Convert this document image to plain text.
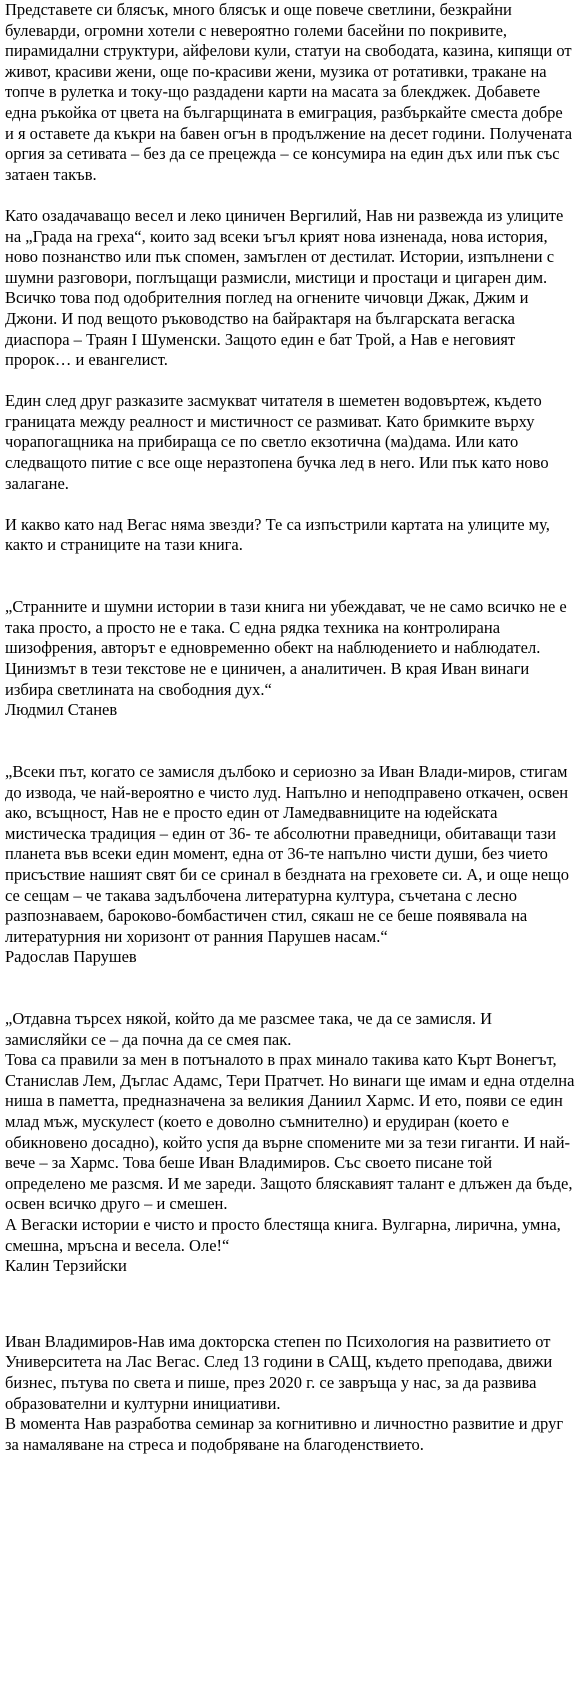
Представете си блясък, много блясък и още повече светлини, безкрайни булеварди, огромни хотели с невероятно големи басейни по покривите, пирамидални структури, айфелови кули, статуи на свободата, казина, кипящи от живот, красиви жени, още по-красиви жени, музика от ротативки, тракане на топче в рулетка и току-що раздадени карти на масата за блекджек. Добавете една ръкойка от цвета на българщината в емиграция, разбъркайте сместа добре и я оставете да къкри на бавен огън в продължение на десет години. Получената оргия за сетивата – без да се прецежда – се консумира на един дъх или пък със затаен такъв.

Като озадачаващо весел и леко циничен Вергилий, Нав ни развежда из улиците на „Града на греха“, които зад всеки ъгъл крият нова изненада, нова история, ново познанство или пък спомен, замъглен от дестилат. Истории, изпълнени с шумни разговори, поглъщащи размисли, мистици и простаци и цигарен дим. Всичко това под одобрителния поглед на огнените чичовци Джак, Джим и Джони. И под вещото ръководство на байрактаря на българската вегаска диаспора – Траян I Шуменски. Защото един е бат Трой, а Нав е неговият пророк… и евангелист.

Един след друг разказите засмукват читателя в шеметен водовъртеж, където границата между реалност и мистичност се размиват. Като бримките върху чорапогащника на прибираща се по светло екзотична (ма)дама. Или като следващото питие с все още неразтопена бучка лед в него. Или пък като ново залагане.

И какво като над Вегас няма звезди? Те са изпъстрили картата на улиците му, както и страниците на тази книга.

„Странните и шумни истории в тази книга ни убеждават, че не само всичко не е така просто, а просто не е така. С една рядка техника на контролирана шизофрения, авторът е едновременно обект на наблюдението и наблюдател. Цинизмът в тези текстове не е циничен, а аналитичен. В края Иван винаги избира светлината на свободния дух.“

Людмил Станев

„Всеки път, когато се замисля дълбоко и сериозно за Иван Влади-миров, стигам до извода, че най-вероятно е чисто луд. Напълно и неподправено откачен, освен ако, всъщност, Нав не е просто един от Ламедвавниците на юдейската мистическа традиция – един от 36- те абсолютни праведници, обитаващи тази планета във всеки един момент, една от 36-те напълно чисти души, без чието присъствие нашият свят би се сринал в бездната на греховете си. А, и още нещо се сещам – че такава задълбочена литературна култура, съчетана с лесно разпознаваем, бароково-бомбастичен стил, сякаш не се беше появявала на литературния ни хоризонт от ранния Парушев насам.“

Радослав Парушев

„Отдавна търсех някой, който да ме разсмее така, че да се замисля. И замисляйки се – да почна да се смея пак.
Това са правили за мен в потъналото в прах минало такива като Кърт Вонегът, Станислав Лем, Дъглас Адамс, Тери Пратчет. Но винаги ще имам и една отделна ниша в паметта, предназначена за великия Даниил Хармс. И ето, появи се един млад мъж, мускулест (което е доволно съмнително) и ерудиран (което е обикновено досадно), който успя да върне спомените ми за тези гиганти. И най-вече – за Хармс. Това беше Иван Владимиров. Със своето писане той определено ме разсмя. И ме зареди. Защото бляскавият талант е длъжен да бъде, освен всичко друго – и смешен.
А Вегаски истории е чисто и просто блестяща книга. Вулгарна, лирична, умна, смешна, мръсна и весела. Оле!“

Калин Терзийски

Иван Владимиров-Нав има докторска степен по Психология на развитието от Университета на Лас Вегас. След 13 години в САЩ, където преподава, движи бизнес, пътува по света и пише, през 2020 г. се завръща у нас, за да развива образователни и културни инициативи.

В момента Нав разработва семинар за когнитивно и личностно развитие и друг за намаляване на стреса и подобряване на благоденствието.
